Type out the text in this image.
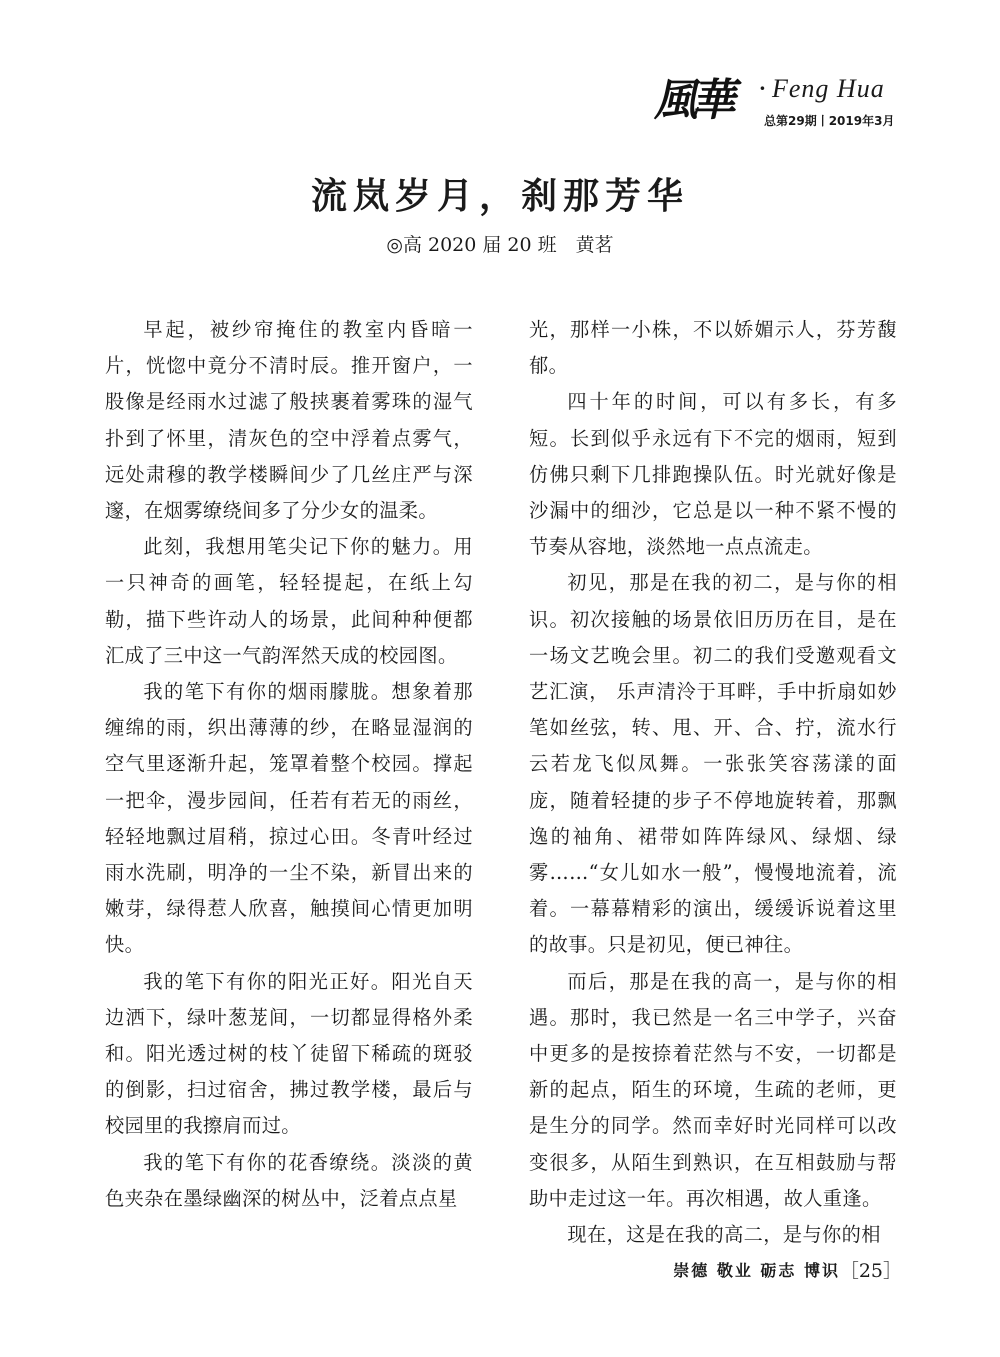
風華 · Feng Hua
总第29期丨2019年3月
流岚岁月，刹那芳华
◎高 2020 届 20 班　黄茗

早起，被纱帘掩住的教室内昏暗一片，恍惚中竟分不清时辰。推开窗户，一股像是经雨水过滤了般挟裹着雾珠的湿气扑到了怀里，清灰色的空中浮着点雾气，远处肃穆的教学楼瞬间少了几丝庄严与深邃，在烟雾缭绕间多了分少女的温柔。

此刻，我想用笔尖记下你的魅力。用一只神奇的画笔，轻轻提起，在纸上勾勒，描下些许动人的场景，此间种种便都汇成了三中这一气韵浑然天成的校园图。

我的笔下有你的烟雨朦胧。想象着那缠绵的雨，织出薄薄的纱，在略显湿润的空气里逐渐升起，笼罩着整个校园。撑起一把伞，漫步园间，任若有若无的雨丝，轻轻地飘过眉稍，掠过心田。冬青叶经过雨水洗刷，明净的一尘不染，新冒出来的嫩芽，绿得惹人欣喜，触摸间心情更加明快。

我的笔下有你的阳光正好。阳光自天边洒下，绿叶葱茏间，一切都显得格外柔和。阳光透过树的枝丫徒留下稀疏的斑驳的倒影，扫过宿舍，拂过教学楼，最后与校园里的我擦肩而过。

我的笔下有你的花香缭绕。淡淡的黄色夹杂在墨绿幽深的树丛中，泛着点点星

光，那样一小株，不以娇媚示人，芬芳馥郁。

四十年的时间，可以有多长，有多短。长到似乎永远有下不完的烟雨，短到仿佛只剩下几排跑操队伍。时光就好像是沙漏中的细沙，它总是以一种不紧不慢的节奏从容地，淡然地一点点流走。

初见，那是在我的初二，是与你的相识。初次接触的场景依旧历历在目，是在一场文艺晚会里。初二的我们受邀观看文艺汇演， 乐声清泠于耳畔，手中折扇如妙笔如丝弦，转、甩、开、合、拧，流水行云若龙飞似凤舞。一张张笑容荡漾的面庞，随着轻捷的步子不停地旋转着，那飘逸的袖角、裙带如阵阵绿风、绿烟、绿雾……“女儿如水一般”，慢慢地流着，流着。一幕幕精彩的演出，缓缓诉说着这里的故事。只是初见，便已神往。

而后，那是在我的高一，是与你的相遇。那时，我已然是一名三中学子，兴奋中更多的是按捺着茫然与不安，一切都是新的起点，陌生的环境，生疏的老师，更是生分的同学。然而幸好时光同样可以改变很多，从陌生到熟识，在互相鼓励与帮助中走过这一年。再次相遇，故人重逢。

现在，这是在我的高二，是与你的相

崇德 敬业 砺志 博识 ［25］
